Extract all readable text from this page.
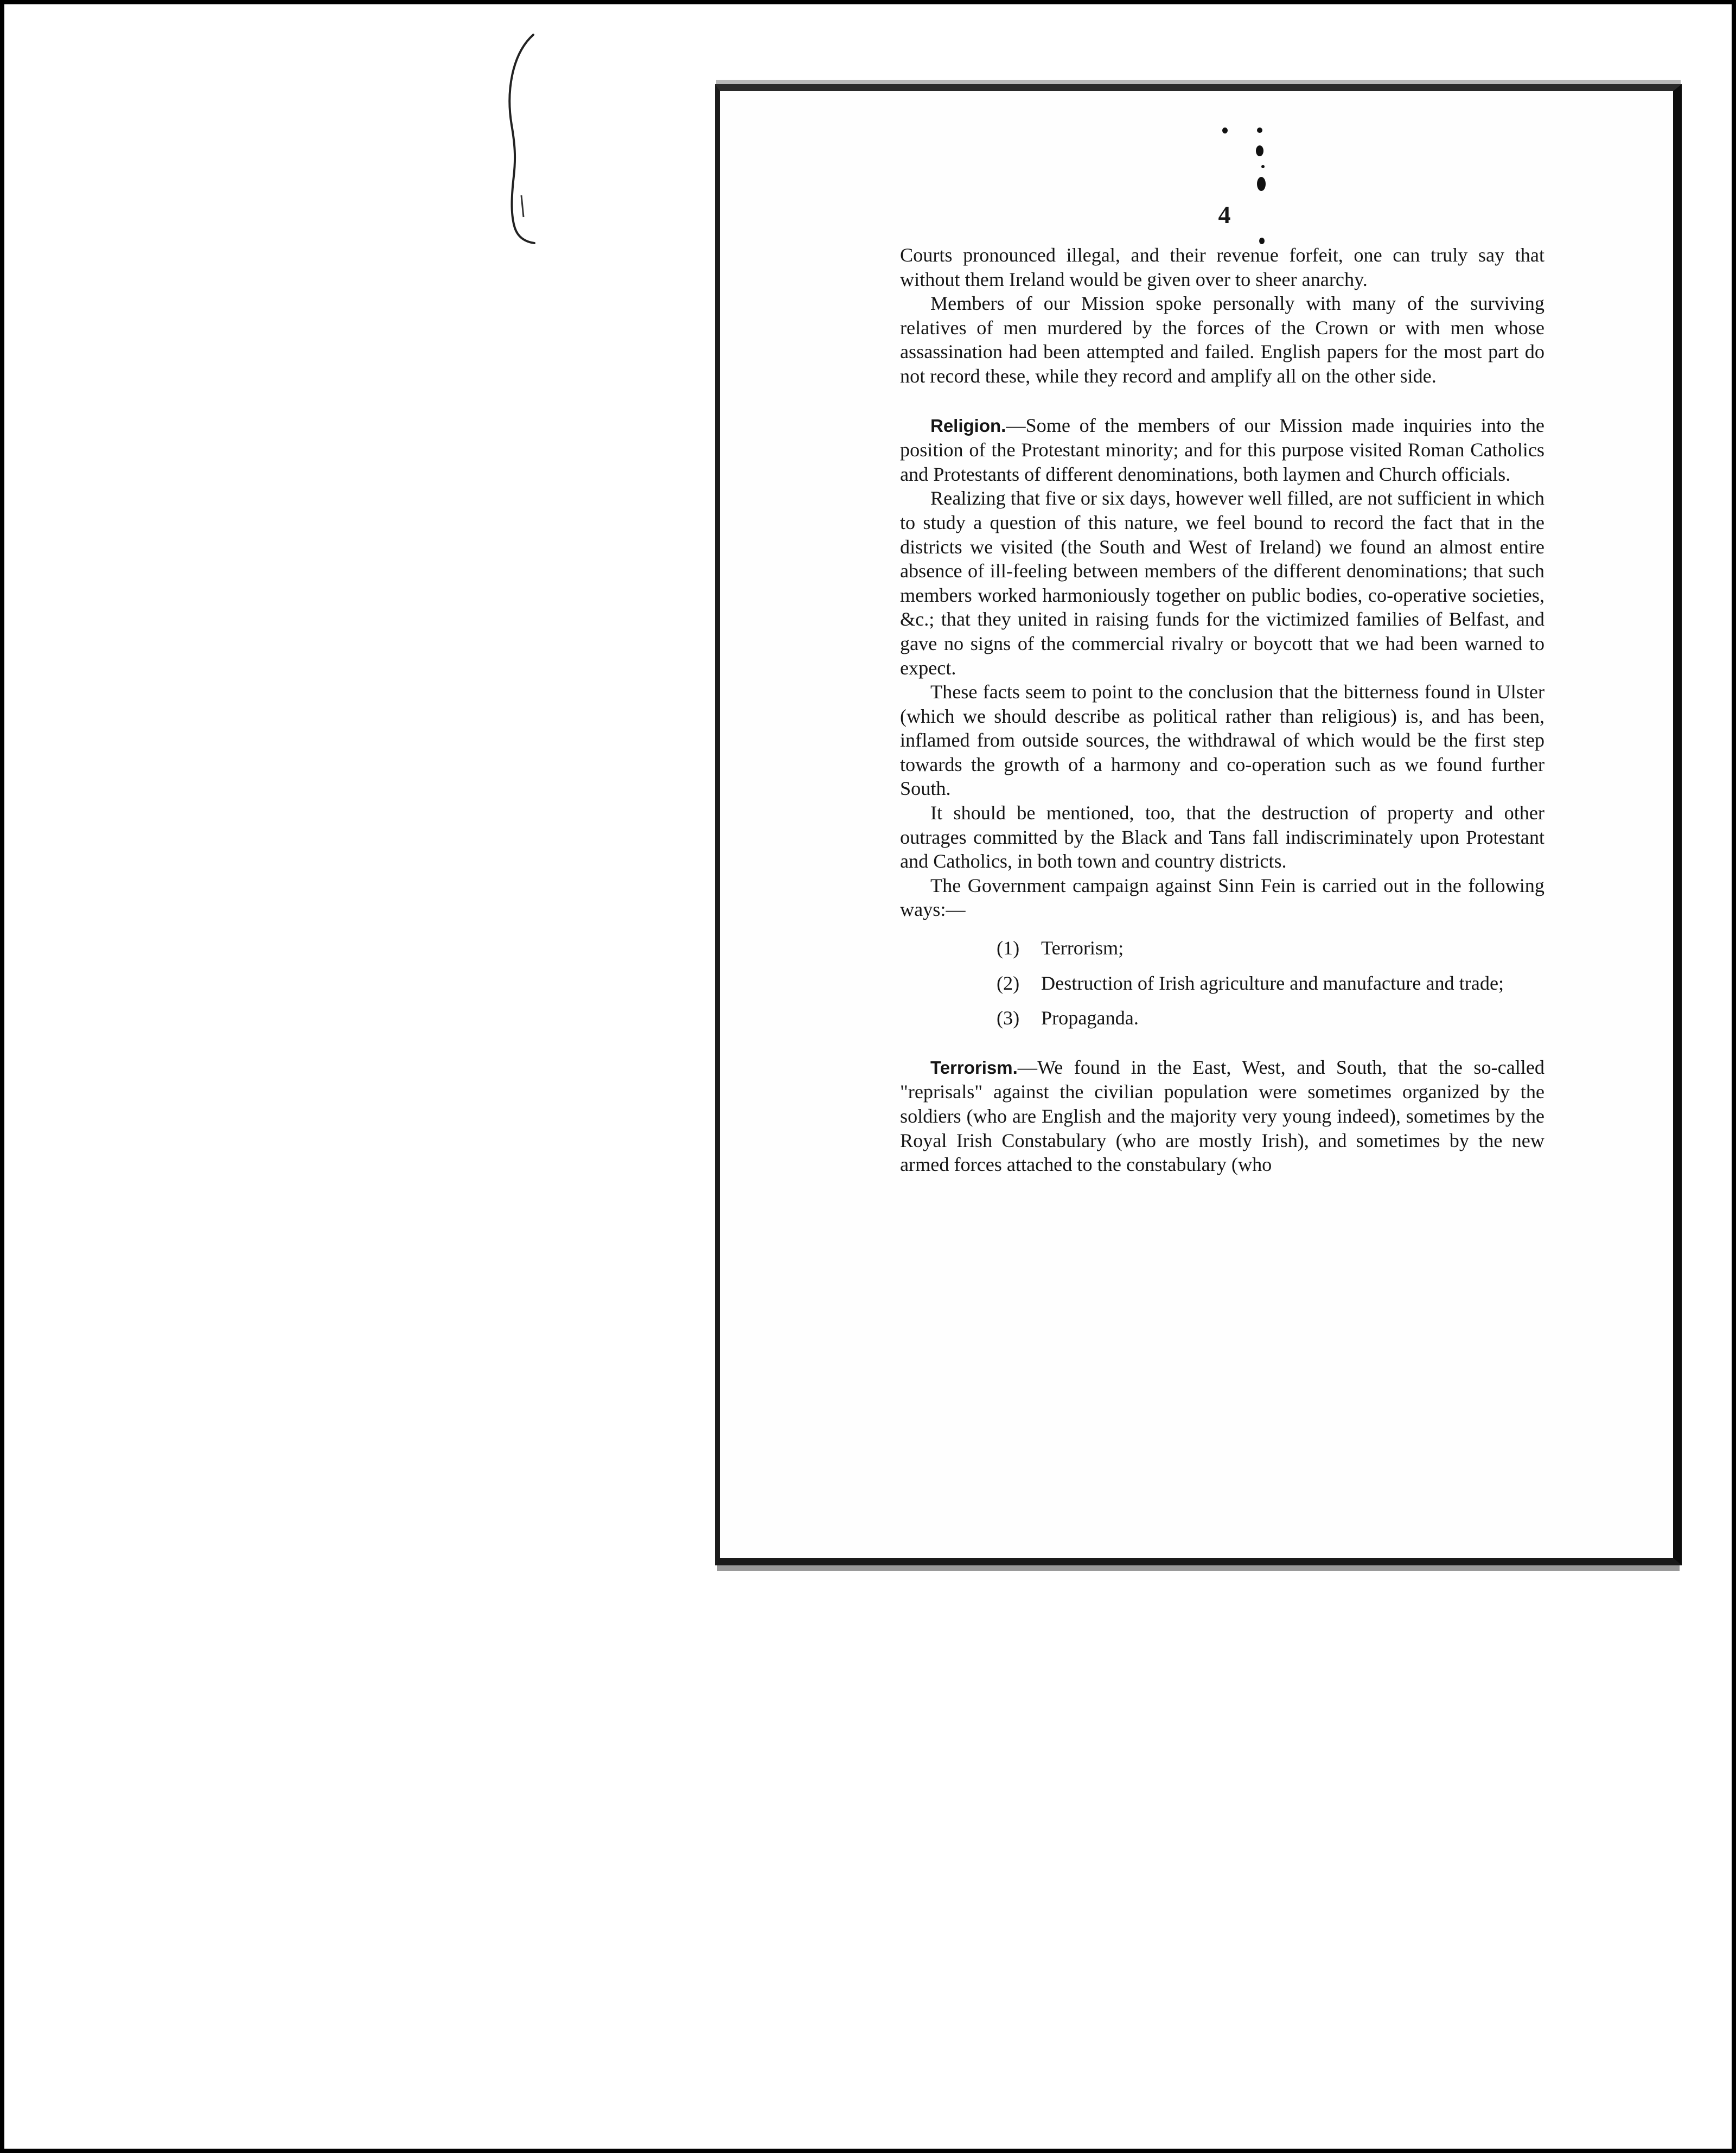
4

Courts pronounced illegal, and their revenue forfeit, one can truly say that without them Ireland would be given over to sheer anarchy.

Members of our Mission spoke personally with many of the surviving relatives of men murdered by the forces of the Crown or with men whose assassination had been attempted and failed. English papers for the most part do not record these, while they record and amplify all on the other side.

Religion.—Some of the members of our Mission made inquiries into the position of the Protestant minority; and for this purpose visited Roman Catholics and Protestants of different denominations, both laymen and Church officials.

Realizing that five or six days, however well filled, are not sufficient in which to study a question of this nature, we feel bound to record the fact that in the districts we visited (the South and West of Ireland) we found an almost entire absence of ill-feeling between members of the different denominations; that such members worked harmoniously together on public bodies, co-operative societies, &c.; that they united in raising funds for the victimized families of Belfast, and gave no signs of the commercial rivalry or boycott that we had been warned to expect.

These facts seem to point to the conclusion that the bitterness found in Ulster (which we should describe as political rather than religious) is, and has been, inflamed from outside sources, the withdrawal of which would be the first step towards the growth of a harmony and co-operation such as we found further South.

It should be mentioned, too, that the destruction of property and other outrages committed by the Black and Tans fall indiscriminately upon Protestant and Catholics, in both town and country districts.

The Government campaign against Sinn Fein is carried out in the following ways:—

(1)	Terrorism;
(2)	Destruction of Irish agriculture and manufacture and trade;
(3)	Propaganda.

Terrorism.—We found in the East, West, and South, that the so-called "reprisals" against the civilian population were sometimes organized by the soldiers (who are English and the majority very young indeed), sometimes by the Royal Irish Constabulary (who are mostly Irish), and sometimes by the new armed forces attached to the constabulary (who
